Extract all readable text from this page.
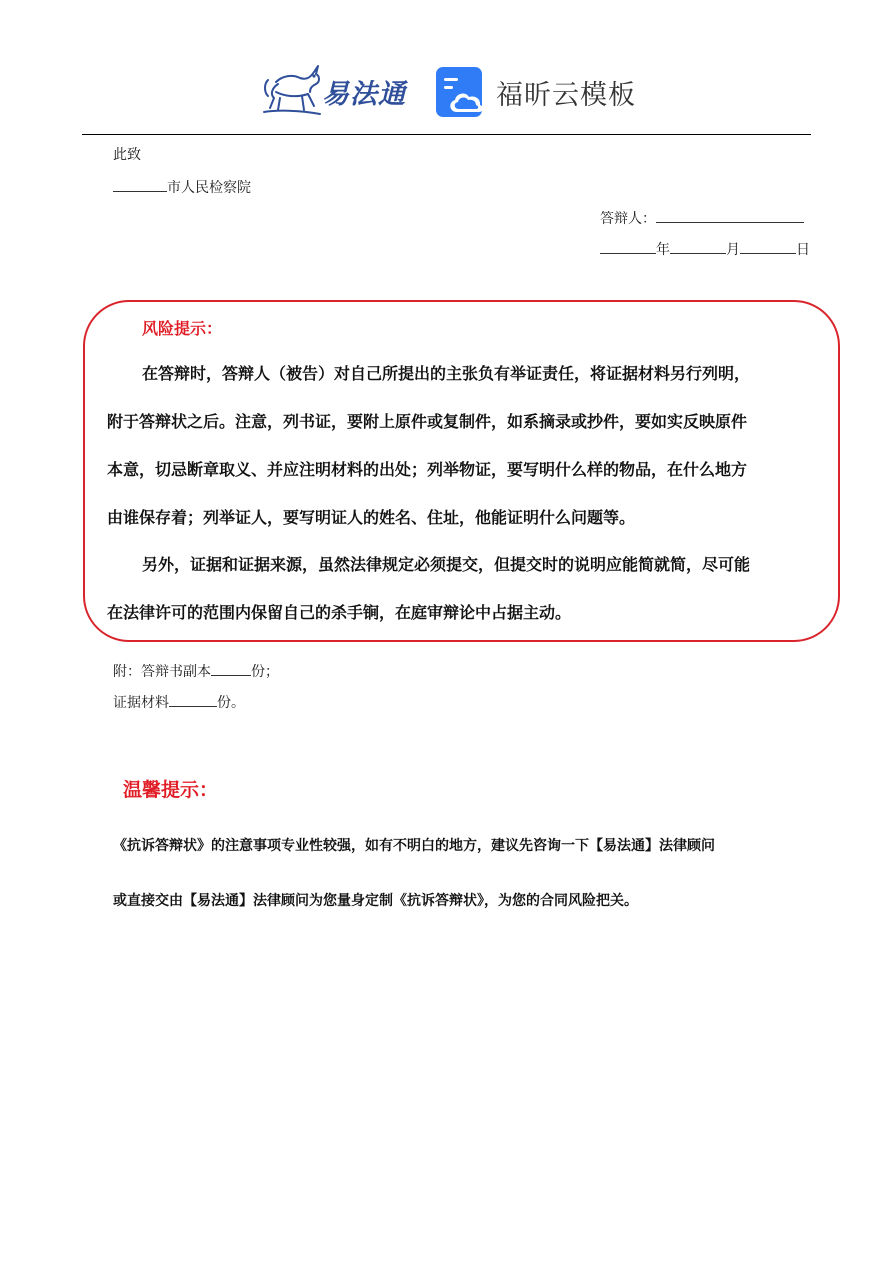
易法通	福昕云模板
此致
市人民检察院
答辩人：
年	月	日
风险提示：
在答辩时，答辩人（被告）对自己所提出的主张负有举证责任，将证据材料另行列明，
附于答辩状之后。注意，列书证，要附上原件或复制件，如系摘录或抄件，要如实反映原件
本意，切忌断章取义、并应注明材料的出处；列举物证，要写明什么样的物品，在什么地方
由谁保存着；列举证人，要写明证人的姓名、住址，他能证明什么问题等。
另外，证据和证据来源，虽然法律规定必须提交，但提交时的说明应能简就简，尽可能
在法律许可的范围内保留自己的杀手锏，在庭审辩论中占据主动。
附：答辩书副本	份；
证据材料	份。
温馨提示：
《抗诉答辩状》的注意事项专业性较强，如有不明白的地方，建议先咨询一下【易法通】法律顾问
或直接交由【易法通】法律顾问为您量身定制《抗诉答辩状》，为您的合同风险把关。
